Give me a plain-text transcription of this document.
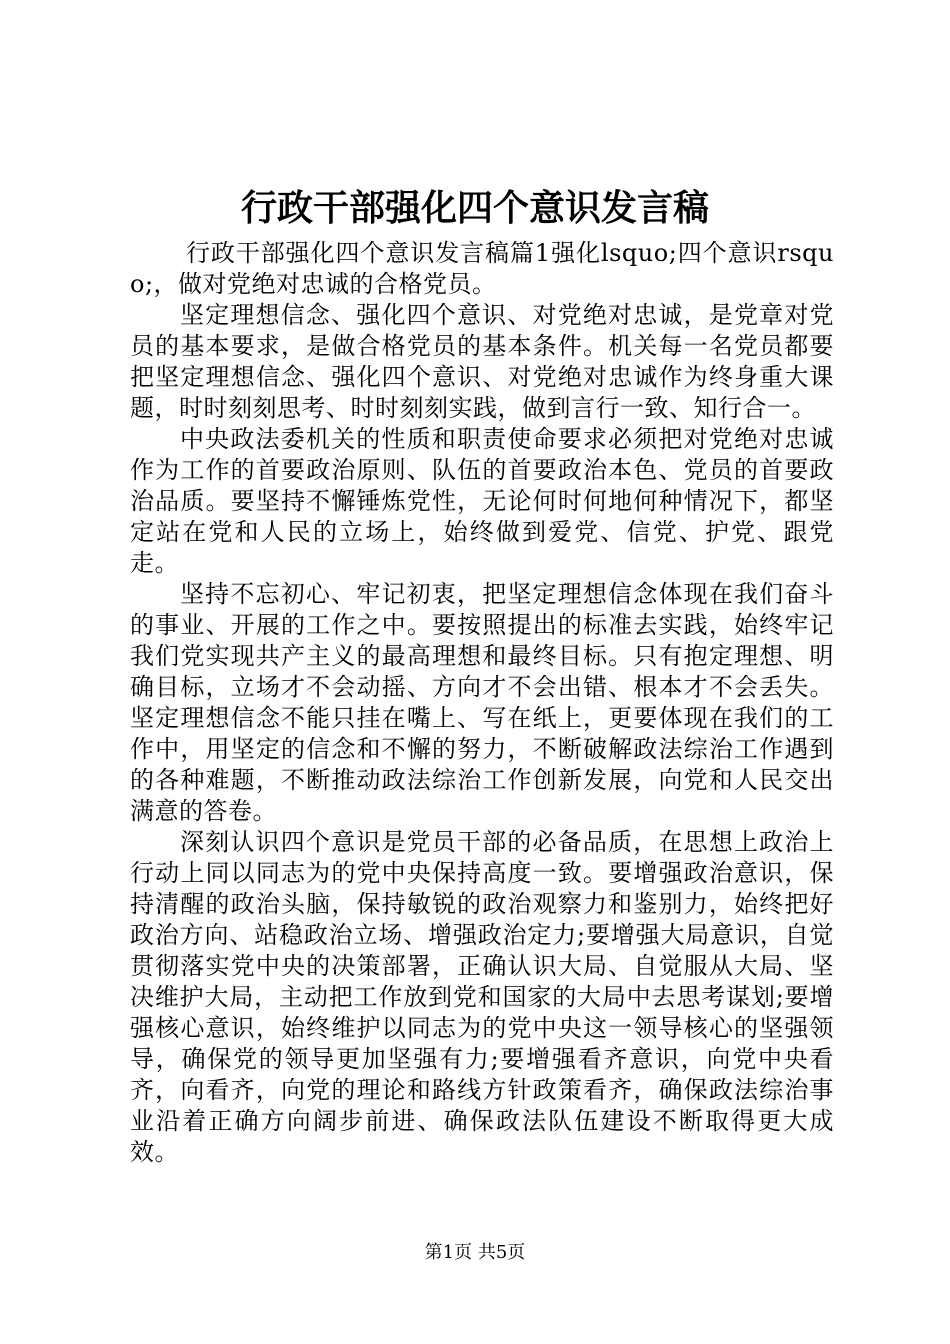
行政干部强化四个意识发言稿

行政干部强化四个意识发言稿篇1强化lsquo;四个意识rsquo;，做对党绝对忠诚的合格党员。

坚定理想信念、强化四个意识、对党绝对忠诚，是党章对党员的基本要求，是做合格党员的基本条件。机关每一名党员都要把坚定理想信念、强化四个意识、对党绝对忠诚作为终身重大课题，时时刻刻思考、时时刻刻实践，做到言行一致、知行合一。

中央政法委机关的性质和职责使命要求必须把对党绝对忠诚作为工作的首要政治原则、队伍的首要政治本色、党员的首要政治品质。要坚持不懈锤炼党性，无论何时何地何种情况下，都坚定站在党和人民的立场上，始终做到爱党、信党、护党、跟党走。

坚持不忘初心、牢记初衷，把坚定理想信念体现在我们奋斗的事业、开展的工作之中。要按照提出的标准去实践，始终牢记我们党实现共产主义的最高理想和最终目标。只有抱定理想、明确目标，立场才不会动摇、方向才不会出错、根本才不会丢失。坚定理想信念不能只挂在嘴上、写在纸上，更要体现在我们的工作中，用坚定的信念和不懈的努力，不断破解政法综治工作遇到的各种难题，不断推动政法综治工作创新发展，向党和人民交出满意的答卷。

深刻认识四个意识是党员干部的必备品质，在思想上政治上行动上同以同志为的党中央保持高度一致。要增强政治意识，保持清醒的政治头脑，保持敏锐的政治观察力和鉴别力，始终把好政治方向、站稳政治立场、增强政治定力;要增强大局意识，自觉贯彻落实党中央的决策部署，正确认识大局、自觉服从大局、坚决维护大局，主动把工作放到党和国家的大局中去思考谋划;要增强核心意识，始终维护以同志为的党中央这一领导核心的坚强领导，确保党的领导更加坚强有力;要增强看齐意识，向党中央看齐，向看齐，向党的理论和路线方针政策看齐，确保政法综治事业沿着正确方向阔步前进、确保政法队伍建设不断取得更大成效。

第1页 共5页
